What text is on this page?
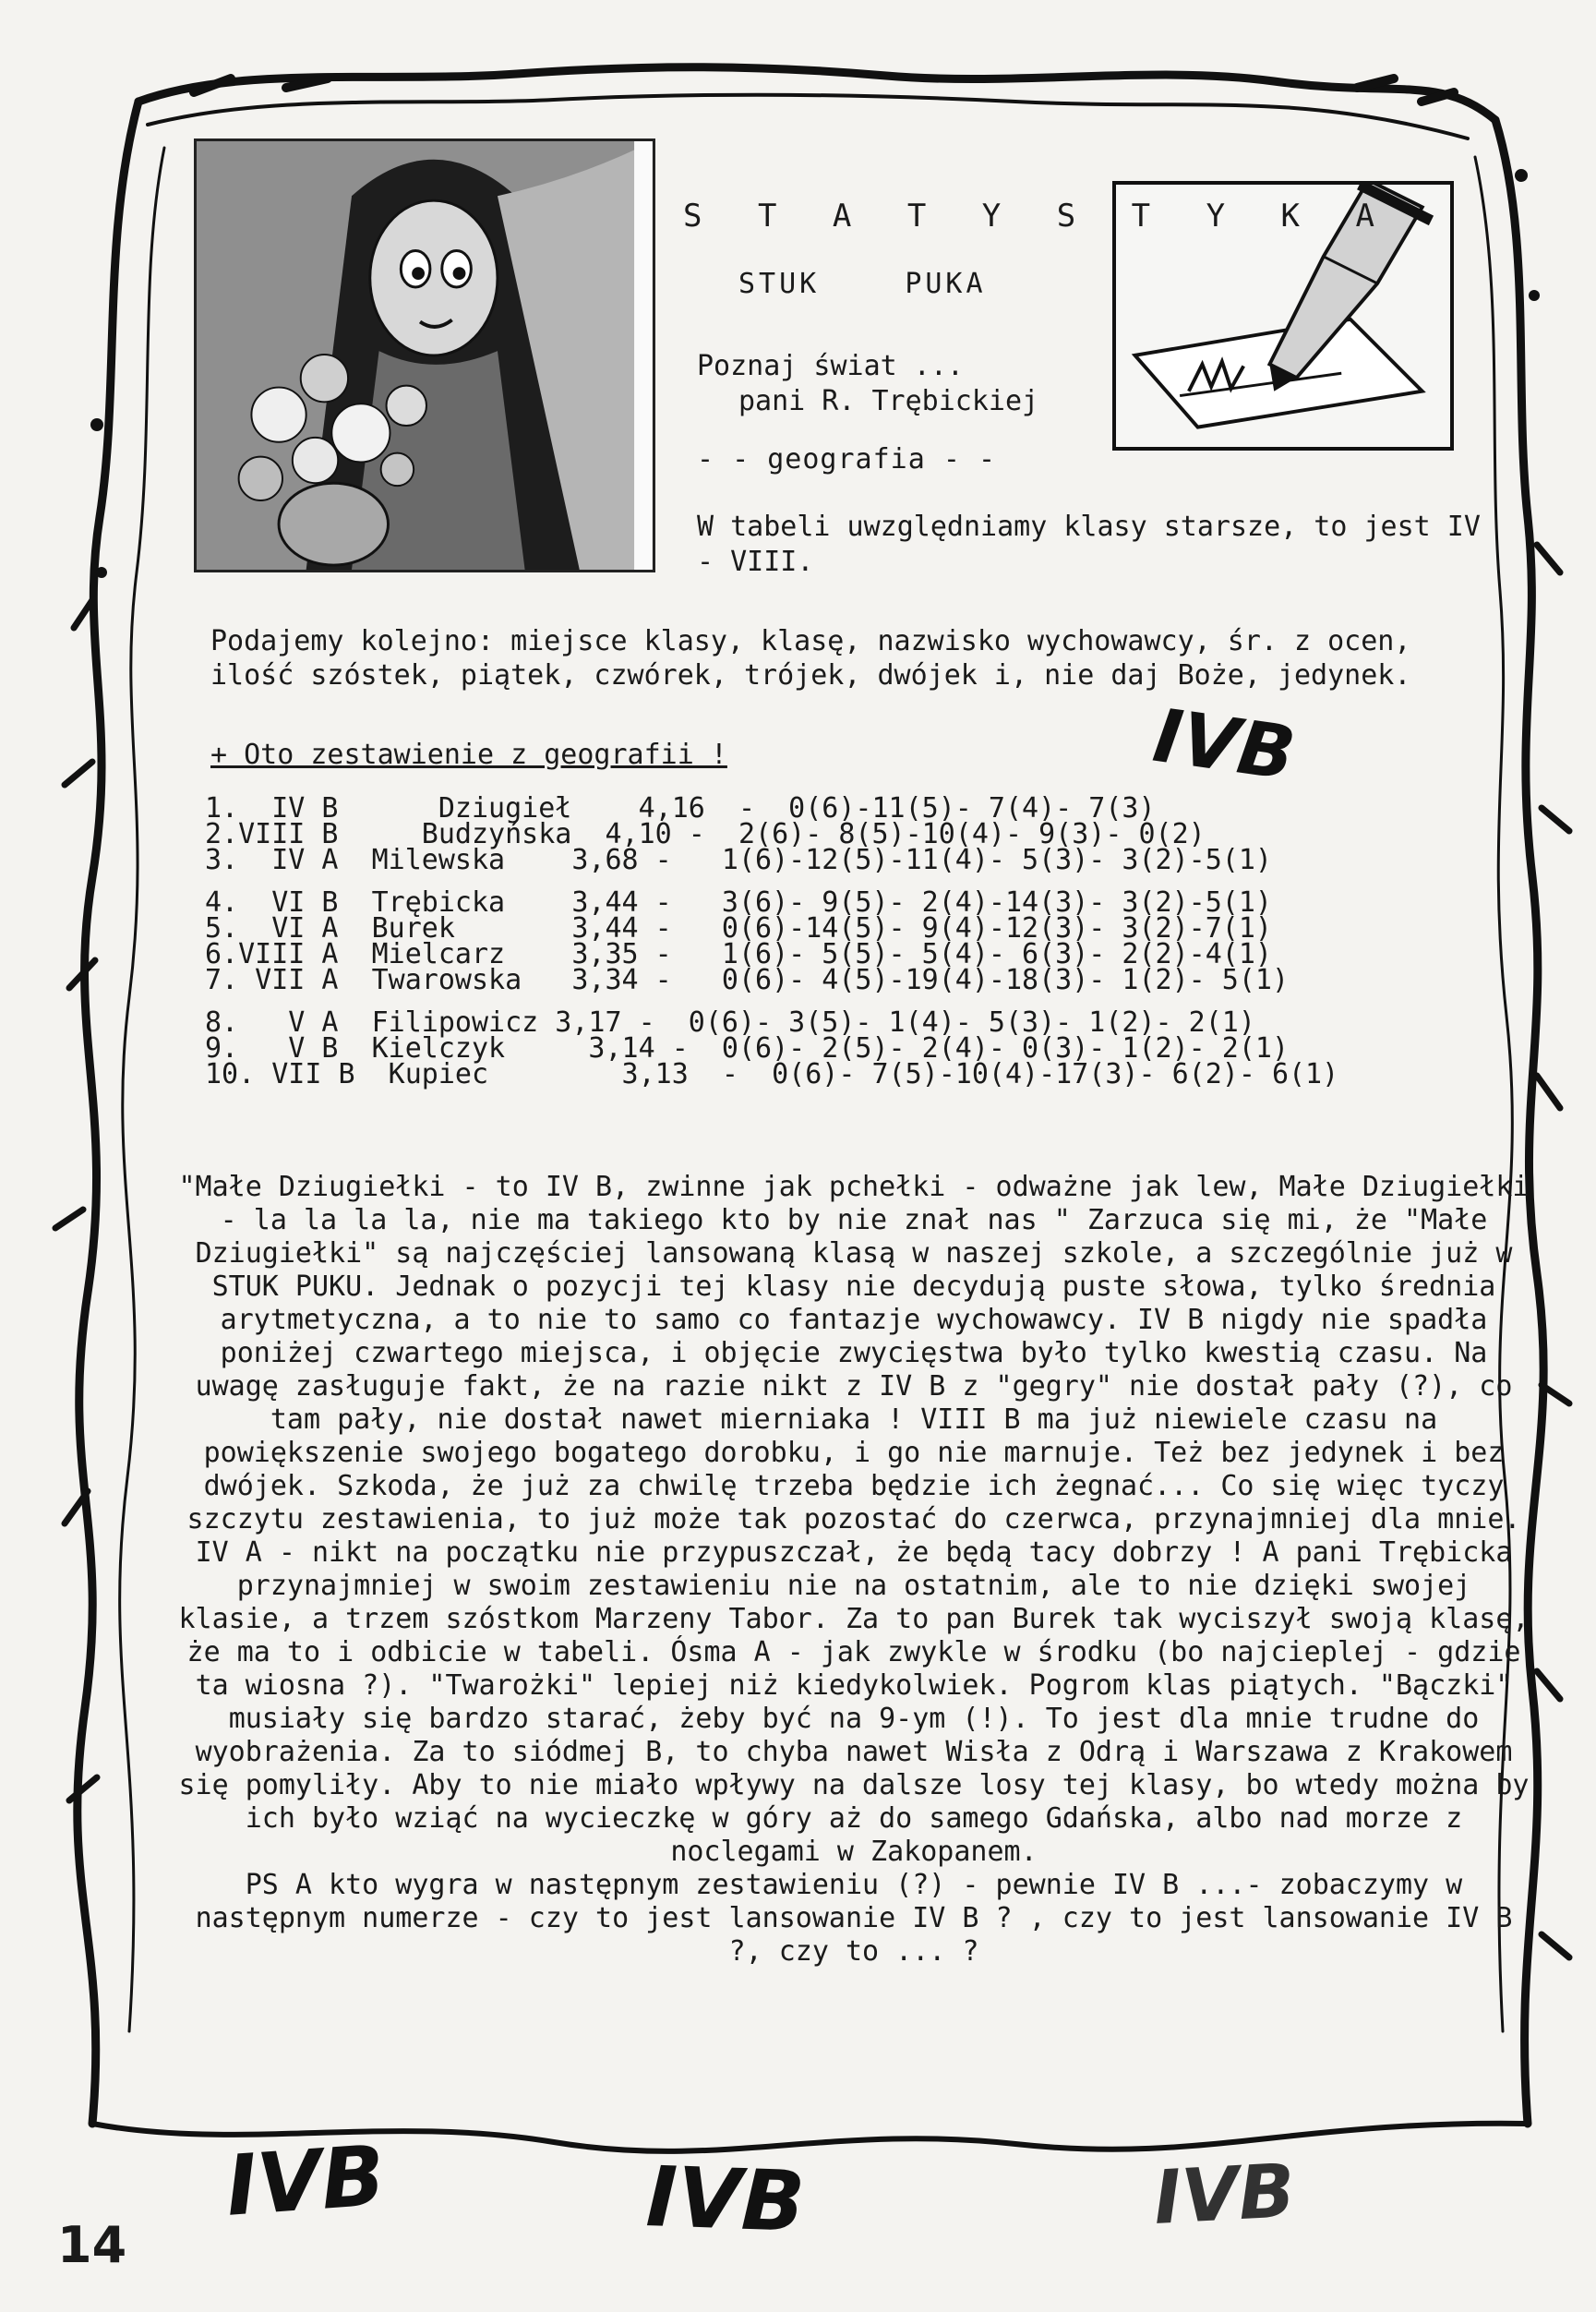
S T A T Y S T Y K A
STUK	PUKA
Poznaj świat ...
pani R. Trębickiej
- - geografia - -
W tabeli uwzględniamy klasy starsze, to jest IV - VIII.
Podajemy kolejno: miejsce klasy, klasę, nazwisko wychowawcy, śr. z ocen, ilość szóstek, piątek, czwórek, trójek, dwójek i, nie daj Boże, jedynek.
+ Oto zestawienie z geografii !
1.  IV B      Dziugieł    4,16  -  0(6)-11(5)- 7(4)- 7(3)
2.VIII B     Budzyńska  4,10 -  2(6)- 8(5)-10(4)- 9(3)- 0(2)
3.  IV A  Milewska    3,68 -   1(6)-12(5)-11(4)- 5(3)- 3(2)-5(1)
4.  VI B  Trębicka    3,44 -   3(6)- 9(5)- 2(4)-14(3)- 3(2)-5(1)
5.  VI A  Burek       3,44 -   0(6)-14(5)- 9(4)-12(3)- 3(2)-7(1)
6.VIII A  Mielcarz    3,35 -   1(6)- 5(5)- 5(4)- 6(3)- 2(2)-4(1)
7. VII A  Twarowska   3,34 -   0(6)- 4(5)-19(4)-18(3)- 1(2)- 5(1)
8.   V A  Filipowicz 3,17 -  0(6)- 3(5)- 1(4)- 5(3)- 1(2)- 2(1)
9.   V B  Kielczyk     3,14 -  0(6)- 2(5)- 2(4)- 0(3)- 1(2)- 2(1)
10. VII B  Kupiec        3,13  -  0(6)- 7(5)-10(4)-17(3)- 6(2)- 6(1)

"Małe Dziugiełki - to IV B, zwinne jak pchełki - odważne jak lew, Małe Dziugiełki - la la la la, nie ma takiego kto by nie znał nas " Zarzuca się mi, że "Małe Dziugiełki" są najczęściej lansowaną klasą w naszej szkole, a szczególnie już w STUK PUKU. Jednak o pozycji tej klasy nie decydują puste słowa, tylko średnia arytmetyczna, a to nie to samo co fantazje wychowawcy. IV B nigdy nie spadła poniżej czwartego miejsca, i objęcie zwycięstwa było tylko kwestią czasu. Na uwagę zasługuje fakt, że na razie nikt z IV B z "gegry" nie dostał pały (?), co tam pały, nie dostał nawet mierniaka ! VIII B ma już niewiele czasu na powiększenie swojego bogatego dorobku, i go nie marnuje. Też bez jedynek i bez dwójek. Szkoda, że już za chwilę trzeba będzie ich żegnać... Co się więc tyczy szczytu zestawienia, to już może tak pozostać do czerwca, przynajmniej dla mnie. IV A - nikt na początku nie przypuszczał, że będą tacy dobrzy ! A pani Trębicka przynajmniej w swoim zestawieniu nie na ostatnim, ale to nie dzięki swojej klasie, a trzem szóstkom Marzeny Tabor. Za to pan Burek tak wyciszył swoją klasę, że ma to i odbicie w tabeli. Ósma A - jak zwykle w środku (bo najcieplej - gdzie ta wiosna ?). "Twarożki" lepiej niż kiedykolwiek. Pogrom klas piątych. "Bączki" musiały się bardzo starać, żeby być na 9-ym (!). To jest dla mnie trudne do wyobrażenia. Za to siódmej B, to chyba nawet Wisła z Odrą i Warszawa z Krakowem się pomyliły. Aby to nie miało wpływy na dalsze losy tej klasy, bo wtedy można by ich było wziąć na wycieczkę w góry aż do samego Gdańska, albo nad morze z noclegami w Zakopanem.

PS A kto wygra w następnym zestawieniu (?) - pewnie IV B ...- zobaczymy w następnym numerze - czy to jest lansowanie IV B ? , czy to jest lansowanie IV B ?, czy to ... ?

IVB
IVB	IVB	IVB
14
